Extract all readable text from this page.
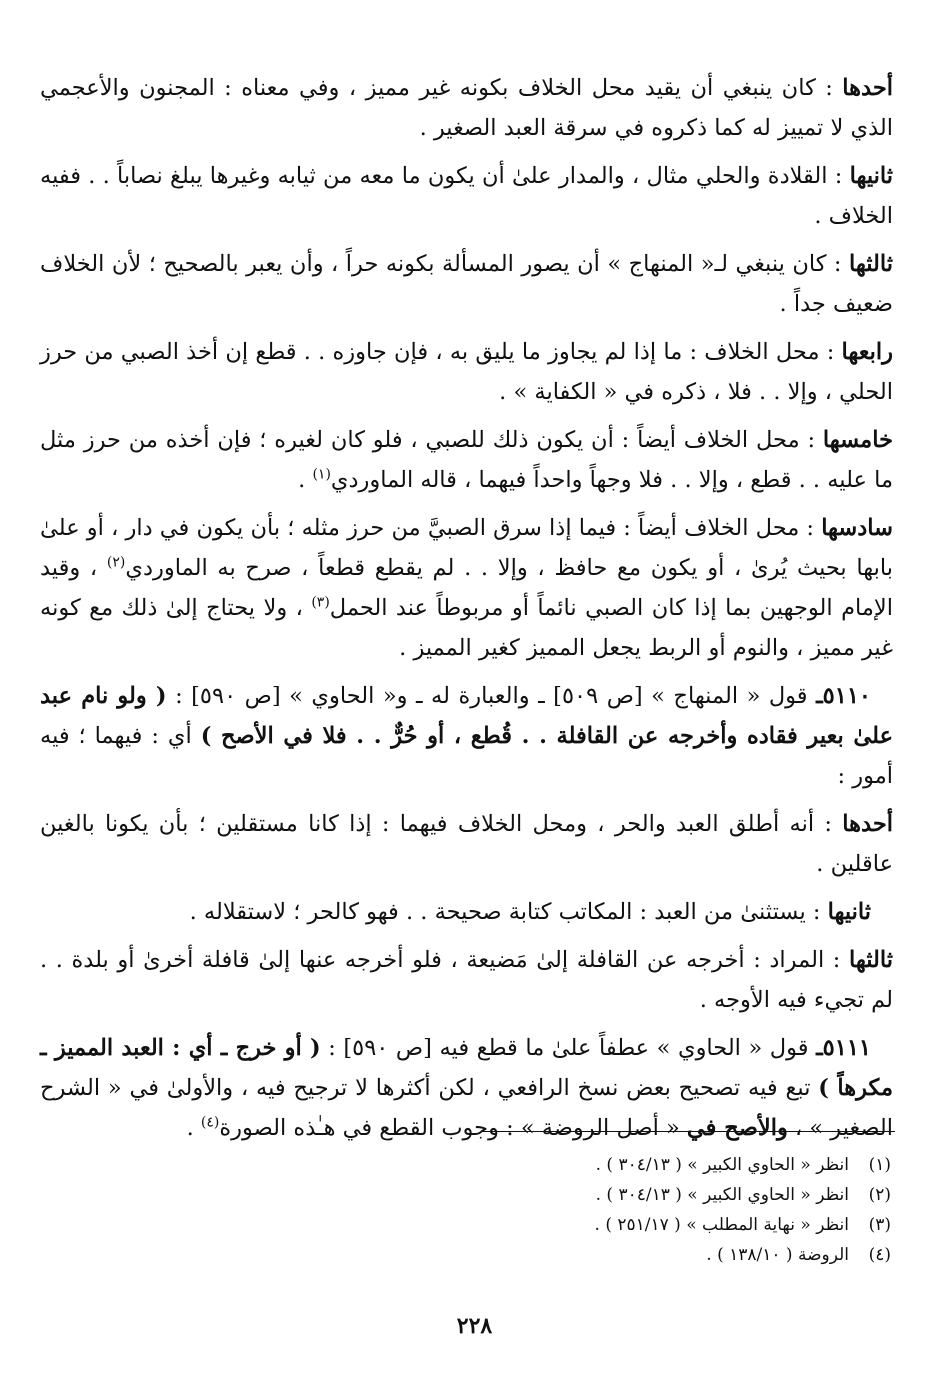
أحدها : كان ينبغي أن يقيد محل الخلاف بكونه غير مميز ، وفي معناه : المجنون والأعجمي الذي لا تمييز له كما ذكروه في سرقة العبد الصغير .

ثانيها : القلادة والحلي مثال ، والمدار علىٰ أن يكون ما معه من ثيابه وغيرها يبلغ نصاباً . . ففيه الخلاف .

ثالثها : كان ينبغي لـ« المنهاج » أن يصور المسألة بكونه حراً ، وأن يعبر بالصحيح ؛ لأن الخلاف ضعيف جداً .

رابعها : محل الخلاف : ما إذا لم يجاوز ما يليق به ، فإن جاوزه . . قطع إن أخذ الصبي من حرز الحلي ، وإلا . . فلا ، ذكره في « الكفاية » .

خامسها : محل الخلاف أيضاً : أن يكون ذلك للصبي ، فلو كان لغيره ؛ فإن أخذه من حرز مثل ما عليه . . قطع ، وإلا . . فلا وجهاً واحداً فيهما ، قاله الماوردي$^{(١)}$ .

سادسها : محل الخلاف أيضاً : فيما إذا سرق الصبيَّ من حرز مثله ؛ بأن يكون في دار ، أو علىٰ بابها بحيث يُرىٰ ، أو يكون مع حافظ ، وإلا . . لم يقطع قطعاً ، صرح به الماوردي$^{(٢)}$ ، وقيد الإمام الوجهين بما إذا كان الصبي نائماً أو مربوطاً عند الحمل$^{(٣)}$ ، ولا يحتاج إلىٰ ذلك مع كونه غير مميز ، والنوم أو الربط يجعل المميز كغير المميز .

٥١١٠ـ قول « المنهاج » [ص ٥٠٩] ـ والعبارة له ـ و« الحاوي » [ص ٥٩٠] : ( ولو نام عبد علىٰ بعير فقاده وأخرجه عن القافلة . . قُطع ، أو حُرٌّ . . فلا في الأصح ) أي : فيهما ؛ فيه أمور :

أحدها : أنه أطلق العبد والحر ، ومحل الخلاف فيهما : إذا كانا مستقلين ؛ بأن يكونا بالغين عاقلين .

ثانيها : يستثنىٰ من العبد : المكاتب كتابة صحيحة . . فهو كالحر ؛ لاستقلاله .

ثالثها : المراد : أخرجه عن القافلة إلىٰ مَضيعة ، فلو أخرجه عنها إلىٰ قافلة أخرىٰ أو بلدة . . لم تجيء فيه الأوجه .

٥١١١ـ قول « الحاوي » عطفاً علىٰ ما قطع فيه [ص ٥٩٠] : ( أو خرج ـ أي : العبد المميز ـ مكرهاً ) تبع فيه تصحيح بعض نسخ الرافعي ، لكن أكثرها لا ترجيح فيه ، والأولىٰ في « الشرح الصغير » ، والأصح في « أصل الروضة » : وجوب القطع في هـٰذه الصورة$^{(٤)}$ .

(١)انظر « الحاوي الكبير » ( ٣٠٤/١٣ ) .
(٢)انظر « الحاوي الكبير » ( ٣٠٤/١٣ ) .
(٣)انظر « نهاية المطلب » ( ٢٥١/١٧ ) .
(٤)الروضة ( ١٣٨/١٠ ) .
٢٢٨
